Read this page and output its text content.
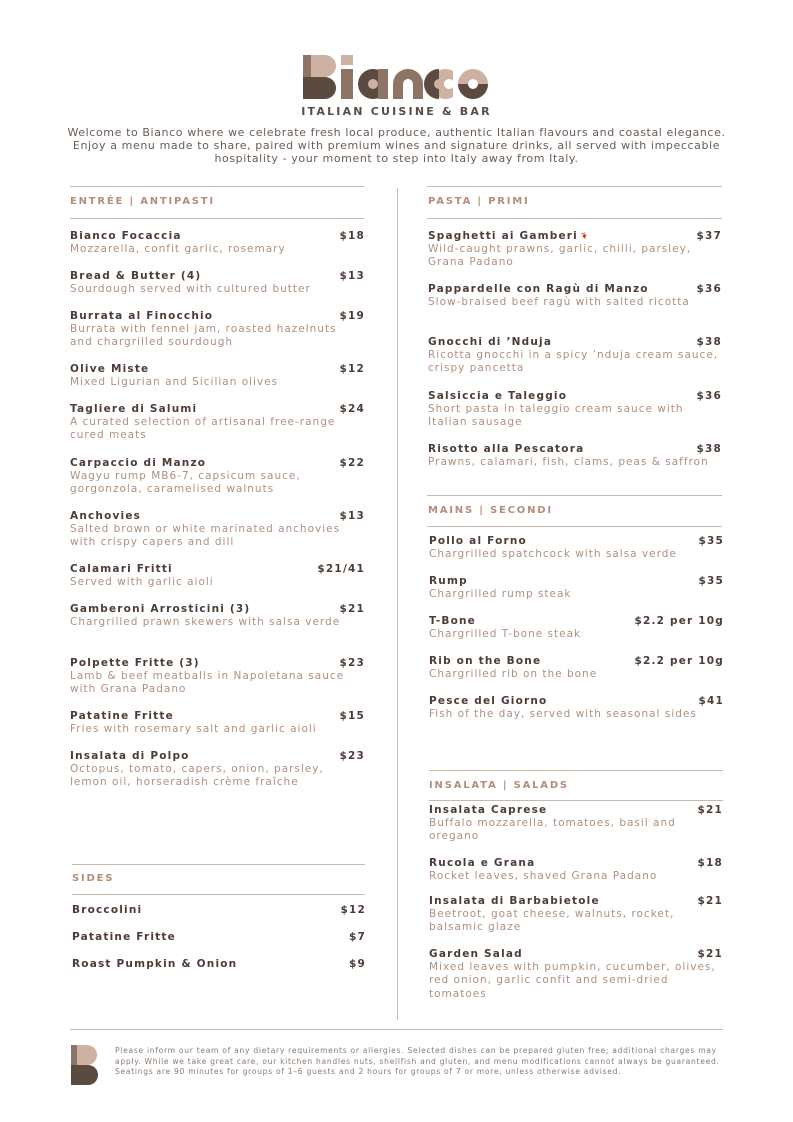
ITALIAN CUISINE & BAR
Welcome to Bianco where we celebrate fresh local produce, authentic Italian flavours and coastal elegance. Enjoy a menu made to share, paired with premium wines and signature drinks, all served with impeccable hospitality - your moment to step into Italy away from Italy.
ENTRÉE | ANTIPASTI
Bianco Focaccia	$18
Mozzarella, confit garlic, rosemary
Bread & Butter (4)	$13
Sourdough served with cultured butter
Burrata al Finocchio	$19
Burrata with fennel jam, roasted hazelnuts and chargrilled sourdough
Olive Miste	$12
Mixed Ligurian and Sicilian olives
Tagliere di Salumi	$24
A curated selection of artisanal free-range cured meats
Carpaccio di Manzo	$22
Wagyu rump MB6-7, capsicum sauce, gorgonzola, caramelised walnuts
Anchovies	$13
Salted brown or white marinated anchovies with crispy capers and dill
Calamari Fritti	$21/41
Served with garlic aioli
Gamberoni Arrosticini (3)	$21
Chargrilled prawn skewers with salsa verde
Polpette Fritte (3)	$23
Lamb & beef meatballs in Napoletana sauce with Grana Padano
Patatine Fritte	$15
Fries with rosemary salt and garlic aioli
Insalata di Polpo	$23
Octopus, tomato, capers, onion, parsley, lemon oil, horseradish crème fraîche
SIDES
Broccolini	$12
Patatine Fritte	$7
Roast Pumpkin & Onion	$9
PASTA | PRIMI
Spaghetti ai Gamberi❧	$37
Wild-caught prawns, garlic, chilli, parsley, Grana Padano
Pappardelle con Ragù di Manzo	$36
Slow-braised beef ragù with salted ricotta
Gnocchi di ’Nduja	$38
Ricotta gnocchi in a spicy ’nduja cream sauce, crispy pancetta
Salsiccia e Taleggio	$36
Short pasta in taleggio cream sauce with Italian sausage
Risotto alla Pescatora	$38
Prawns, calamari, fish, clams, peas & saffron
MAINS | SECONDI
Pollo al Forno	$35
Chargrilled spatchcock with salsa verde
Rump	$35
Chargrilled rump steak
T-Bone	$2.2 per 10g
Chargrilled T-bone steak
Rib on the Bone	$2.2 per 10g
Chargrilled rib on the bone
Pesce del Giorno	$41
Fish of the day, served with seasonal sides
INSALATA | SALADS
Insalata Caprese	$21
Buffalo mozzarella, tomatoes, basil and oregano
Rucola e Grana	$18
Rocket leaves, shaved Grana Padano
Insalata di Barbabietole	$21
Beetroot, goat cheese, walnuts, rocket, balsamic glaze
Garden Salad	$21
Mixed leaves with pumpkin, cucumber, olives, red onion, garlic confit and semi-dried tomatoes
Please inform our team of any dietary requirements or allergies. Selected dishes can be prepared gluten free; additional charges may apply. While we take great care, our kitchen handles nuts, shellfish and gluten, and menu modifications cannot always be guaranteed. Seatings are 90 minutes for groups of 1–6 guests and 2 hours for groups of 7 or more, unless otherwise advised.
